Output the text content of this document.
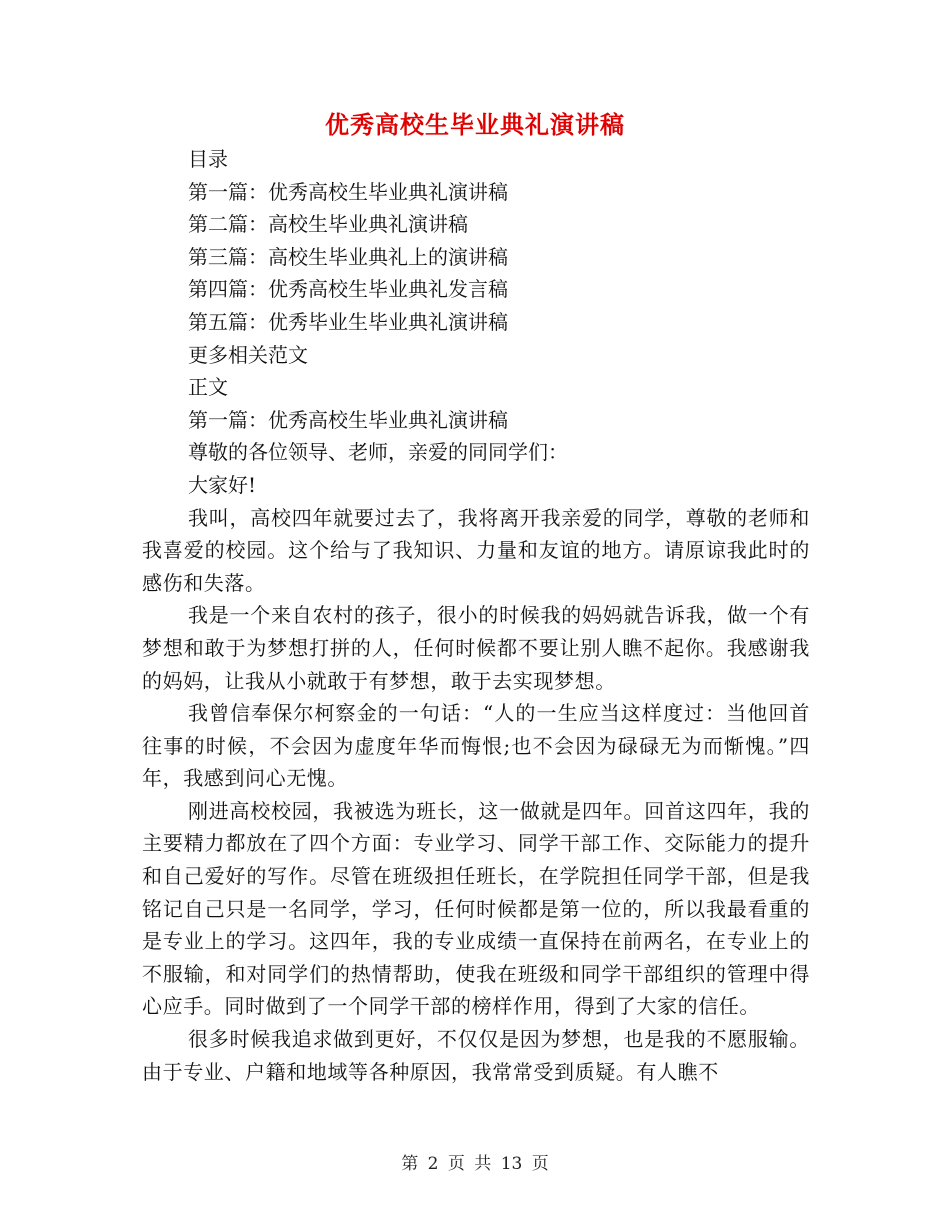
优秀高校生毕业典礼演讲稿

目录

第一篇：优秀高校生毕业典礼演讲稿

第二篇：高校生毕业典礼演讲稿

第三篇：高校生毕业典礼上的演讲稿

第四篇：优秀高校生毕业典礼发言稿

第五篇：优秀毕业生毕业典礼演讲稿

更多相关范文

正文

第一篇：优秀高校生毕业典礼演讲稿

尊敬的各位领导、老师，亲爱的同同学们：

大家好!

我叫，高校四年就要过去了，我将离开我亲爱的同学，尊敬的老师和我喜爱的校园。这个给与了我知识、力量和友谊的地方。请原谅我此时的感伤和失落。

我是一个来自农村的孩子，很小的时候我的妈妈就告诉我，做一个有梦想和敢于为梦想打拼的人，任何时候都不要让别人瞧不起你。我感谢我的妈妈，让我从小就敢于有梦想，敢于去实现梦想。

我曾信奉保尔柯察金的一句话：“人的一生应当这样度过：当他回首往事的时候，不会因为虚度年华而悔恨;也不会因为碌碌无为而惭愧。”四年，我感到问心无愧。

刚进高校校园，我被选为班长，这一做就是四年。回首这四年，我的主要精力都放在了四个方面：专业学习、同学干部工作、交际能力的提升和自己爱好的写作。尽管在班级担任班长，在学院担任同学干部，但是我铭记自己只是一名同学，学习，任何时候都是第一位的，所以我最看重的是专业上的学习。这四年，我的专业成绩一直保持在前两名，在专业上的不服输，和对同学们的热情帮助，使我在班级和同学干部组织的管理中得心应手。同时做到了一个同学干部的榜样作用，得到了大家的信任。

很多时候我追求做到更好，不仅仅是因为梦想，也是我的不愿服输。由于专业、户籍和地域等各种原因，我常常受到质疑。有人瞧不

第 2 页 共 13 页
